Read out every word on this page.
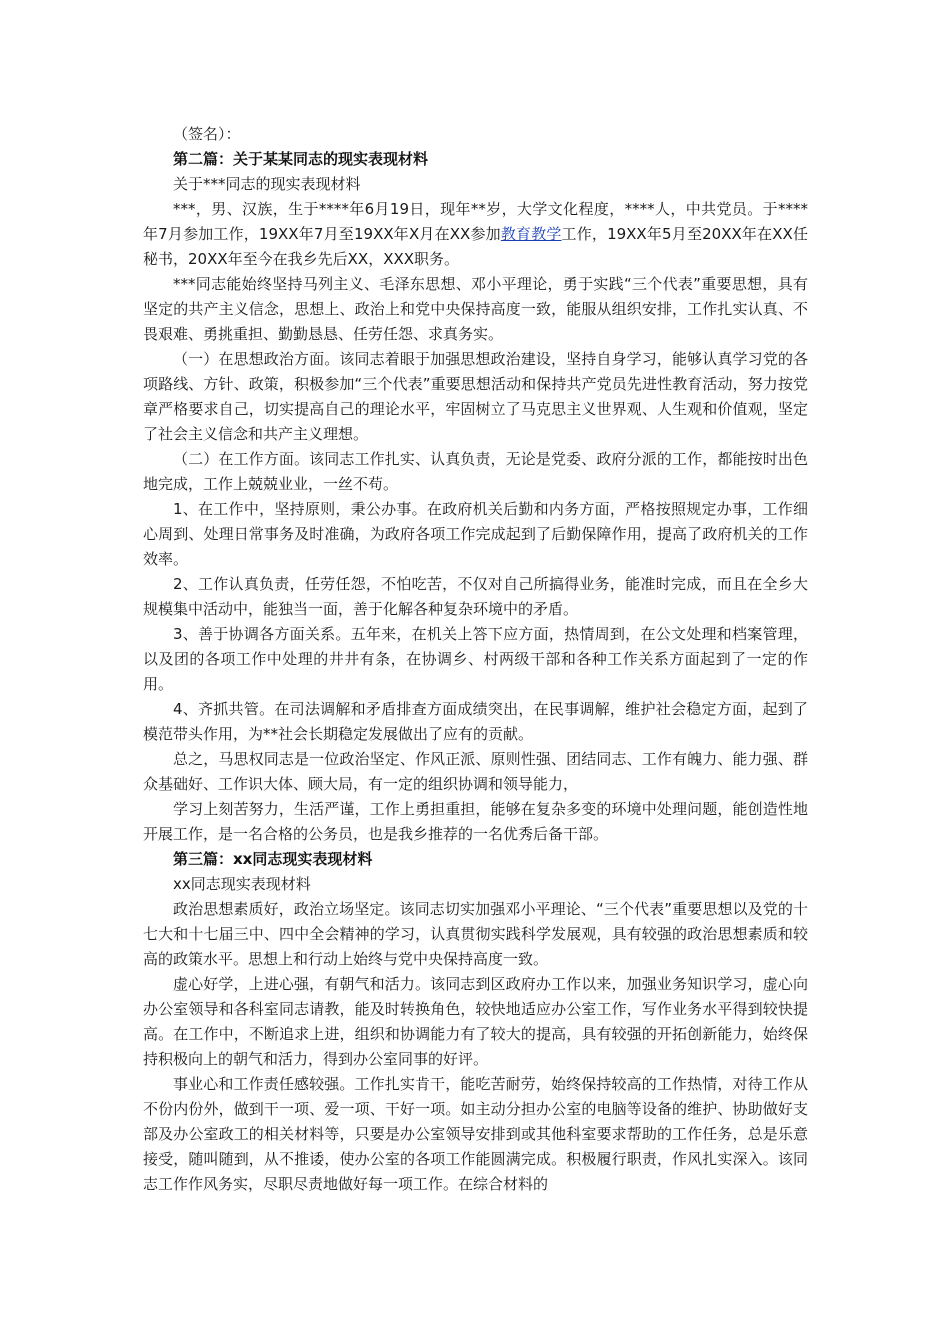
（签名）：

第二篇：关于某某同志的现实表现材料

关于***同志的现实表现材料

***，男、汉族，生于****年6月19日，现年**岁，大学文化程度，****人，中共党员。于****年7月参加工作，19XX年7月至19XX年X月在XX参加教育教学工作，19XX年5月至20XX年在XX任秘书，20XX年至今在我乡先后XX，XXX职务。

***同志能始终坚持马列主义、毛泽东思想、邓小平理论，勇于实践“三个代表”重要思想，具有坚定的共产主义信念，思想上、政治上和党中央保持高度一致，能服从组织安排，工作扎实认真、不畏艰难、勇挑重担、勤勤恳恳、任劳任怨、求真务实。

（一）在思想政治方面。该同志着眼于加强思想政治建设，坚持自身学习，能够认真学习党的各项路线、方针、政策，积极参加“三个代表”重要思想活动和保持共产党员先进性教育活动，努力按党章严格要求自己，切实提高自己的理论水平，牢固树立了马克思主义世界观、人生观和价值观，坚定了社会主义信念和共产主义理想。

（二）在工作方面。该同志工作扎实、认真负责，无论是党委、政府分派的工作，都能按时出色地完成，工作上兢兢业业，一丝不苟。

1、在工作中，坚持原则，秉公办事。在政府机关后勤和内务方面，严格按照规定办事，工作细心周到、处理日常事务及时准确，为政府各项工作完成起到了后勤保障作用，提高了政府机关的工作效率。

2、工作认真负责，任劳任怨，不怕吃苦，不仅对自己所搞得业务，能准时完成，而且在全乡大规模集中活动中，能独当一面，善于化解各种复杂环境中的矛盾。

3、善于协调各方面关系。五年来，在机关上答下应方面，热情周到，在公文处理和档案管理，以及团的各项工作中处理的井井有条，在协调乡、村两级干部和各种工作关系方面起到了一定的作用。

4、齐抓共管。在司法调解和矛盾排查方面成绩突出，在民事调解，维护社会稳定方面，起到了模范带头作用，为**社会长期稳定发展做出了应有的贡献。

总之，马思权同志是一位政治坚定、作风正派、原则性强、团结同志、工作有魄力、能力强、群众基础好、工作识大体、顾大局，有一定的组织协调和领导能力，

学习上刻苦努力，生活严谨，工作上勇担重担，能够在复杂多变的环境中处理问题，能创造性地开展工作，是一名合格的公务员，也是我乡推荐的一名优秀后备干部。

第三篇：xx同志现实表现材料

xx同志现实表现材料

政治思想素质好，政治立场坚定。该同志切实加强邓小平理论、“三个代表”重要思想以及党的十七大和十七届三中、四中全会精神的学习，认真贯彻实践科学发展观，具有较强的政治思想素质和较高的政策水平。思想上和行动上始终与党中央保持高度一致。

虚心好学，上进心强，有朝气和活力。该同志到区政府办工作以来，加强业务知识学习，虚心向办公室领导和各科室同志请教，能及时转换角色，较快地适应办公室工作，写作业务水平得到较快提高。在工作中，不断追求上进，组织和协调能力有了较大的提高，具有较强的开拓创新能力，始终保持积极向上的朝气和活力，得到办公室同事的好评。

事业心和工作责任感较强。工作扎实肯干，能吃苦耐劳，始终保持较高的工作热情，对待工作从不份内份外，做到干一项、爱一项、干好一项。如主动分担办公室的电脑等设备的维护、协助做好支部及办公室政工的相关材料等，只要是办公室领导安排到或其他科室要求帮助的工作任务，总是乐意接受，随叫随到，从不推诿，使办公室的各项工作能圆满完成。积极履行职责，作风扎实深入。该同志工作作风务实，尽职尽责地做好每一项工作。在综合材料的
